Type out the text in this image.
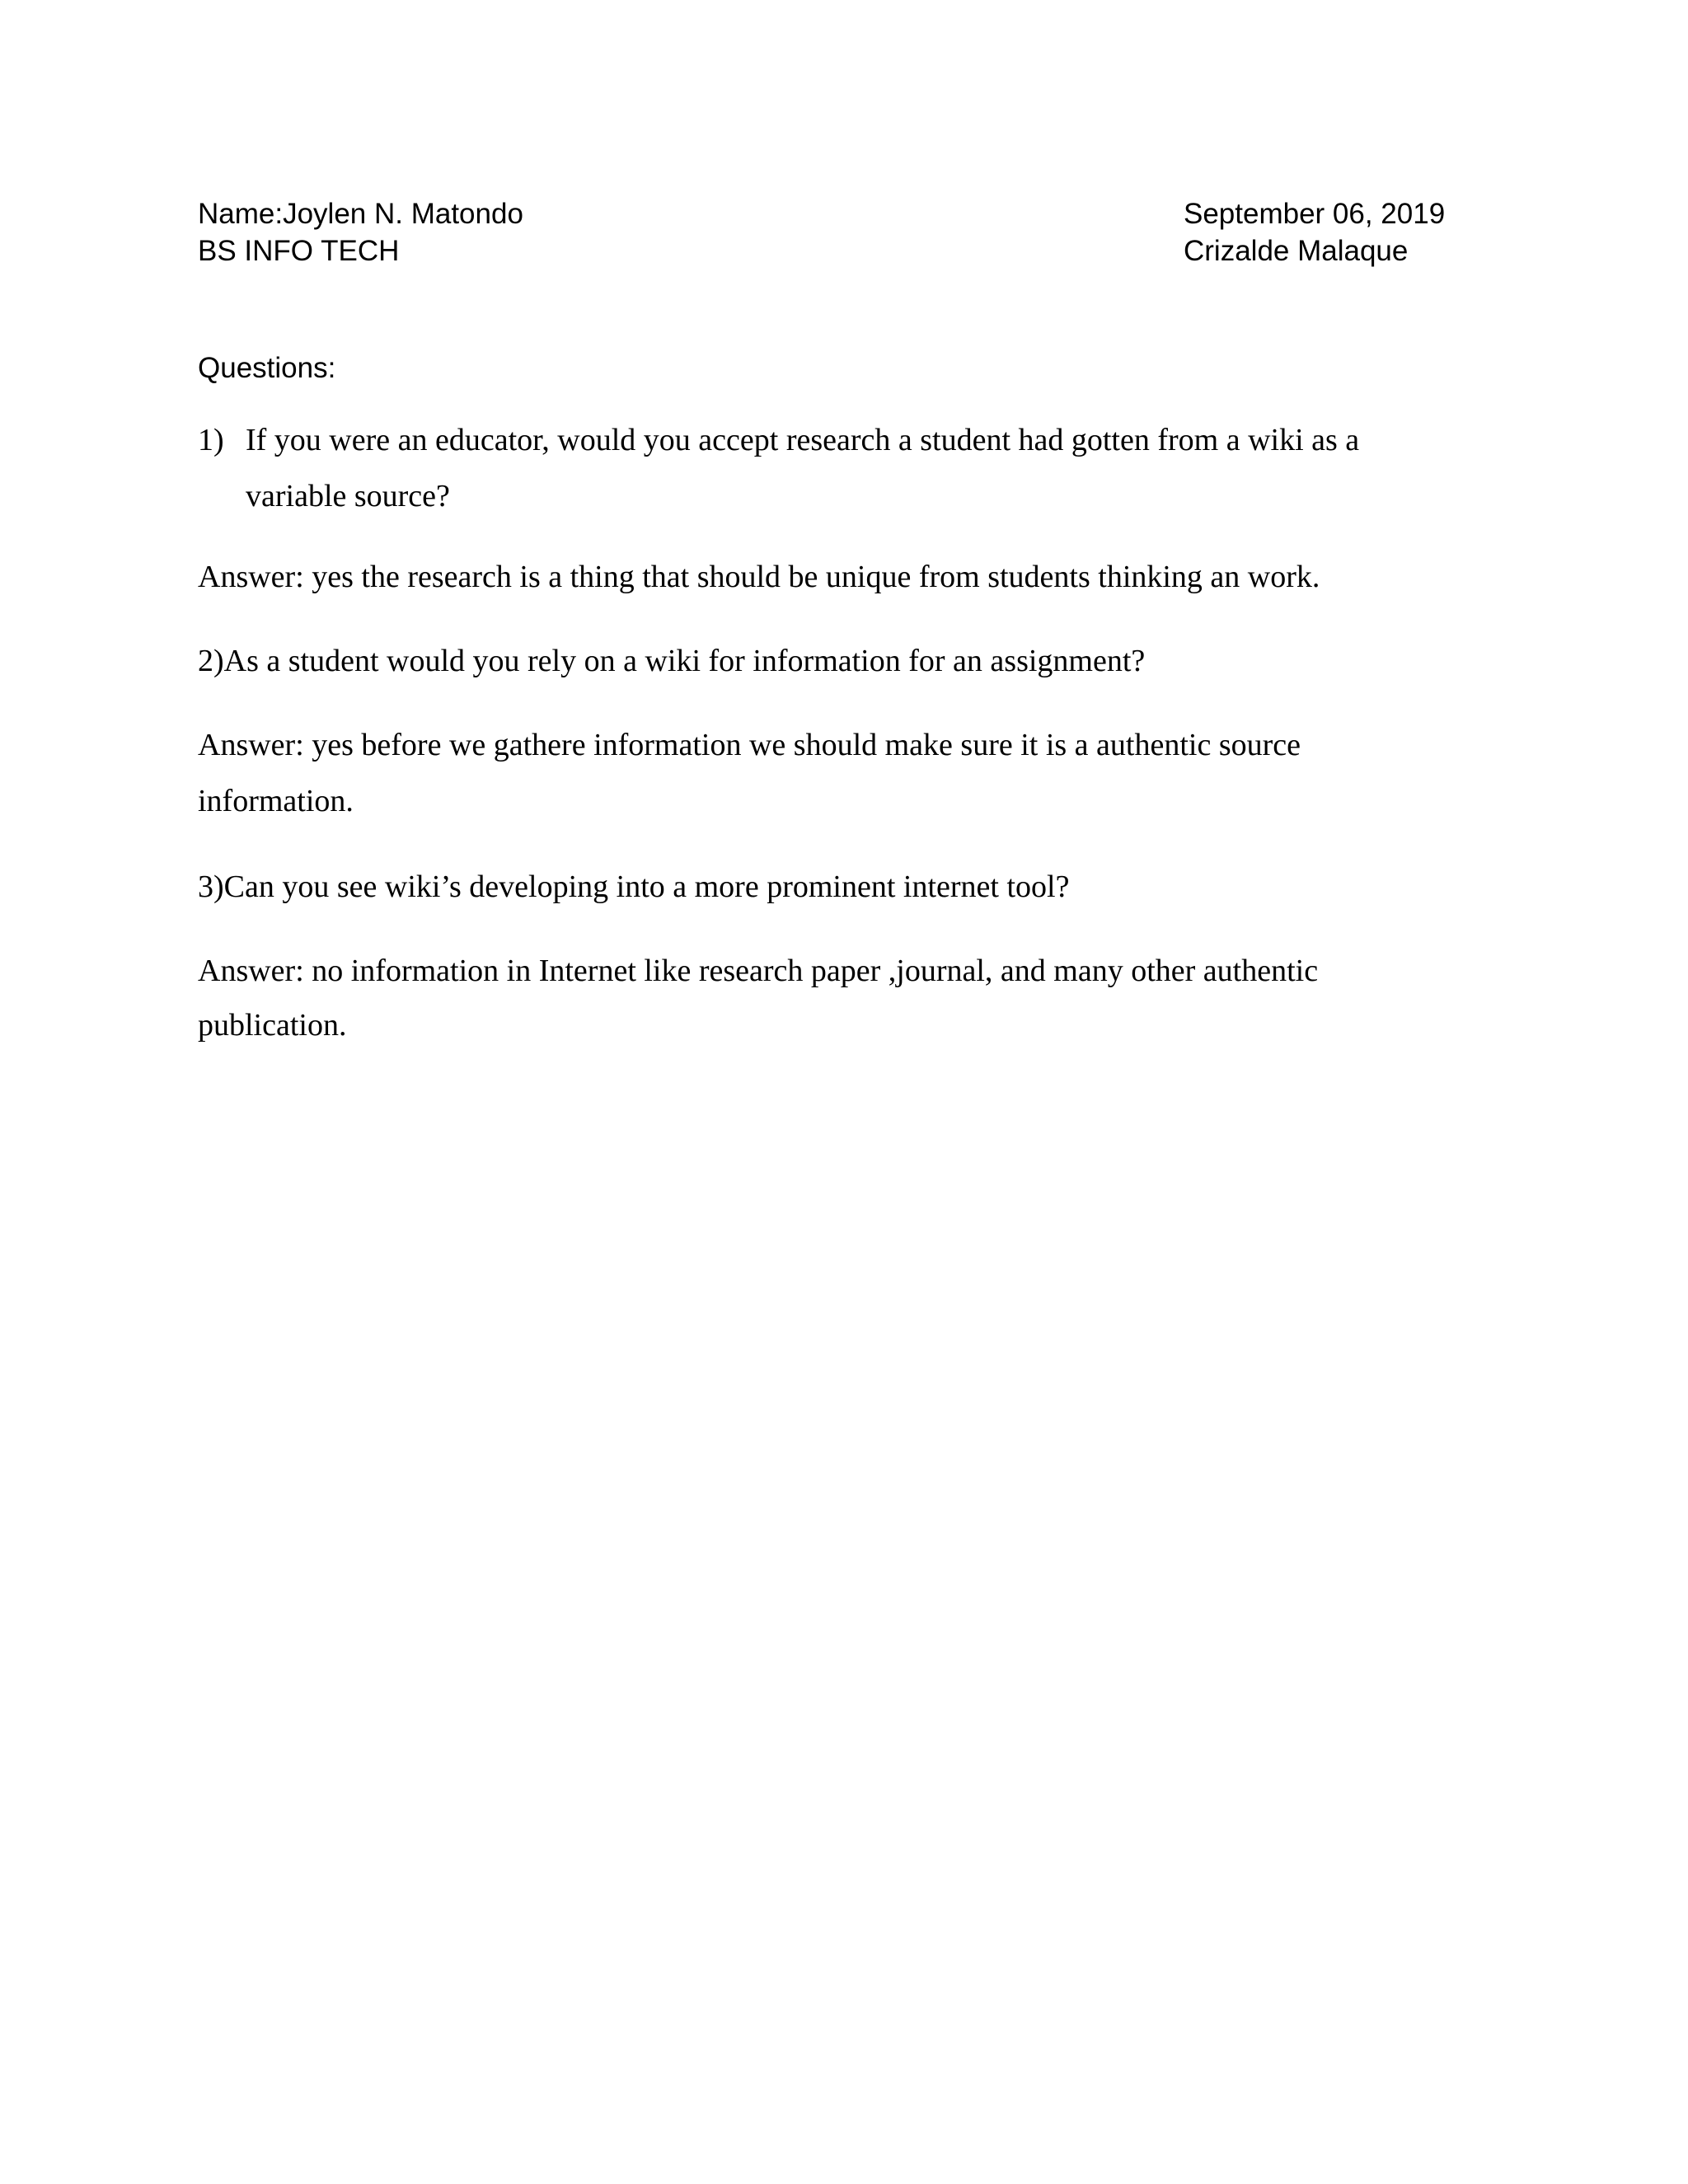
Name:Joylen N. Matondo
BS INFO TECH
September 06, 2019
Crizalde Malaque
Questions:
1) If you were an educator, would you accept research a student had gotten from a wiki as a
variable source?
Answer: yes the research is a thing that should be unique from students thinking an work.
2)As a student would you rely on a wiki for information for an assignment?
Answer: yes before we gathere information we should make sure it is a authentic source
information.
3)Can you see wiki’s developing into a more prominent internet tool?
Answer: no information in Internet like research paper ,journal, and many other authentic
publication.
